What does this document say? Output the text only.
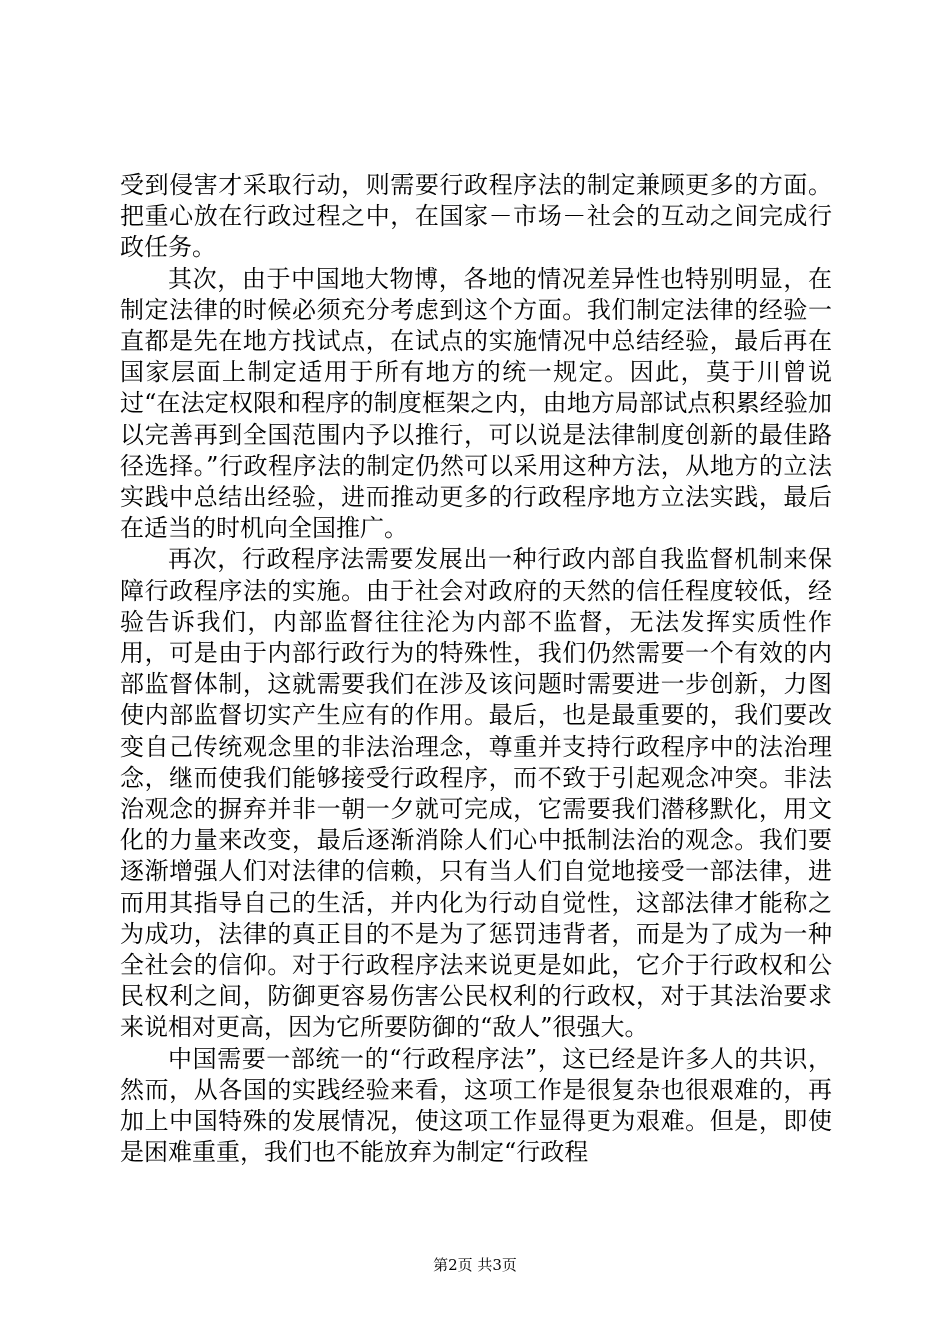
受到侵害才采取行动，则需要行政程序法的制定兼顾更多的方面。把重心放在行政过程之中，在国家－市场－社会的互动之间完成行政任务。

其次，由于中国地大物博，各地的情况差异性也特别明显，在制定法律的时候必须充分考虑到这个方面。我们制定法律的经验一直都是先在地方找试点，在试点的实施情况中总结经验，最后再在国家层面上制定适用于所有地方的统一规定。因此，莫于川曾说过“在法定权限和程序的制度框架之内，由地方局部试点积累经验加以完善再到全国范围内予以推行，可以说是法律制度创新的最佳路径选择。”行政程序法的制定仍然可以采用这种方法，从地方的立法实践中总结出经验，进而推动更多的行政程序地方立法实践，最后在适当的时机向全国推广。

再次，行政程序法需要发展出一种行政内部自我监督机制来保障行政程序法的实施。由于社会对政府的天然的信任程度较低，经验告诉我们，内部监督往往沦为内部不监督，无法发挥实质性作用，可是由于内部行政行为的特殊性，我们仍然需要一个有效的内部监督体制，这就需要我们在涉及该问题时需要进一步创新，力图使内部监督切实产生应有的作用。最后，也是最重要的，我们要改变自己传统观念里的非法治理念，尊重并支持行政程序中的法治理念，继而使我们能够接受行政程序，而不致于引起观念冲突。非法治观念的摒弃并非一朝一夕就可完成，它需要我们潜移默化，用文化的力量来改变，最后逐渐消除人们心中抵制法治的观念。我们要逐渐增强人们对法律的信赖，只有当人们自觉地接受一部法律，进而用其指导自己的生活，并内化为行动自觉性，这部法律才能称之为成功，法律的真正目的不是为了惩罚违背者，而是为了成为一种全社会的信仰。对于行政程序法来说更是如此，它介于行政权和公民权利之间，防御更容易伤害公民权利的行政权，对于其法治要求来说相对更高，因为它所要防御的“敌人”很强大。

中国需要一部统一的“行政程序法”，这已经是许多人的共识，然而，从各国的实践经验来看，这项工作是很复杂也很艰难的，再加上中国特殊的发展情况，使这项工作显得更为艰难。但是，即使是困难重重，我们也不能放弃为制定“行政程

第2页 共3页
